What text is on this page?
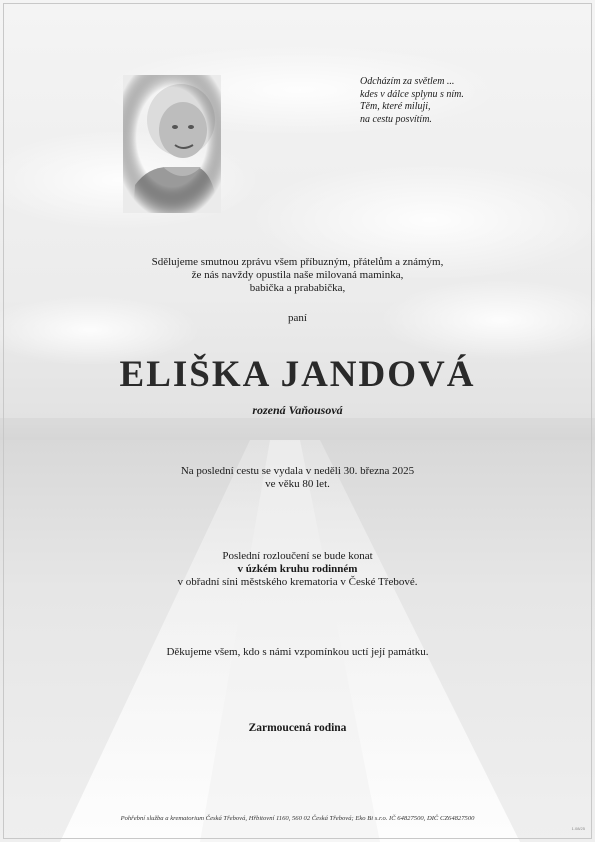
Odcházím za světlem ...
kdes v dálce splynu s ním.
Těm, které miluji,
na cestu posvítím.
Sdělujeme smutnou zprávu všem příbuzným, přátelům a známým,
že nás navždy opustila naše milovaná maminka,
babička a prababička,
paní
ELIŠKA JANDOVÁ
rozená Vaňousová
Na poslední cestu se vydala v neděli 30. března 2025
ve věku 80 let.
Poslední rozloučení se bude konat
v úzkém kruhu rodinném
v obřadní síni městského krematoria v České Třebové.
Děkujeme všem, kdo s námi vzpomínkou uctí její památku.
Zarmoucená rodina
Pohřební služba a krematorium Česká Třebová, Hřbitovní 1160, 560 02 Česká Třebová; Eko Bi s.r.o. IČ 64827500, DIČ CZ64827500
1.08/25
